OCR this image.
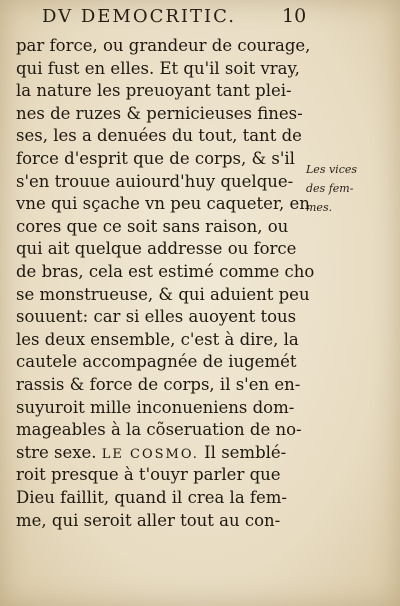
DV DEMOCRITIC. 10
par force, ou grandeur de courage,
qui fust en elles. Et qu'il soit vray,
la nature les preuoyant tant plei-
nes de ruzes & pernicieuses fines-
ses, les a denuées du tout, tant de
force d'esprit que de corps, & s'il
s'en trouue auiourd'huy quelque-
vne qui sçache vn peu caqueter, en
cores que ce soit sans raison, ou
qui ait quelque addresse ou force
de bras, cela est estimé comme cho
se monstrueuse, & qui aduient peu
souuent: car si elles auoyent tous
les deux ensemble, c'est à dire, la
cautele accompagnée de iugemét
rassis & force de corps, il s'en en-
suyuroit mille inconueniens dom-
mageables à la cõseruation de no-
stre sexe. LE COSMO. Il semblé-
roit presque à t'ouyr parler que
Dieu faillit, quand il crea la fem-
me, qui seroit aller tout au con-
Les vices
des fem-
mes.
